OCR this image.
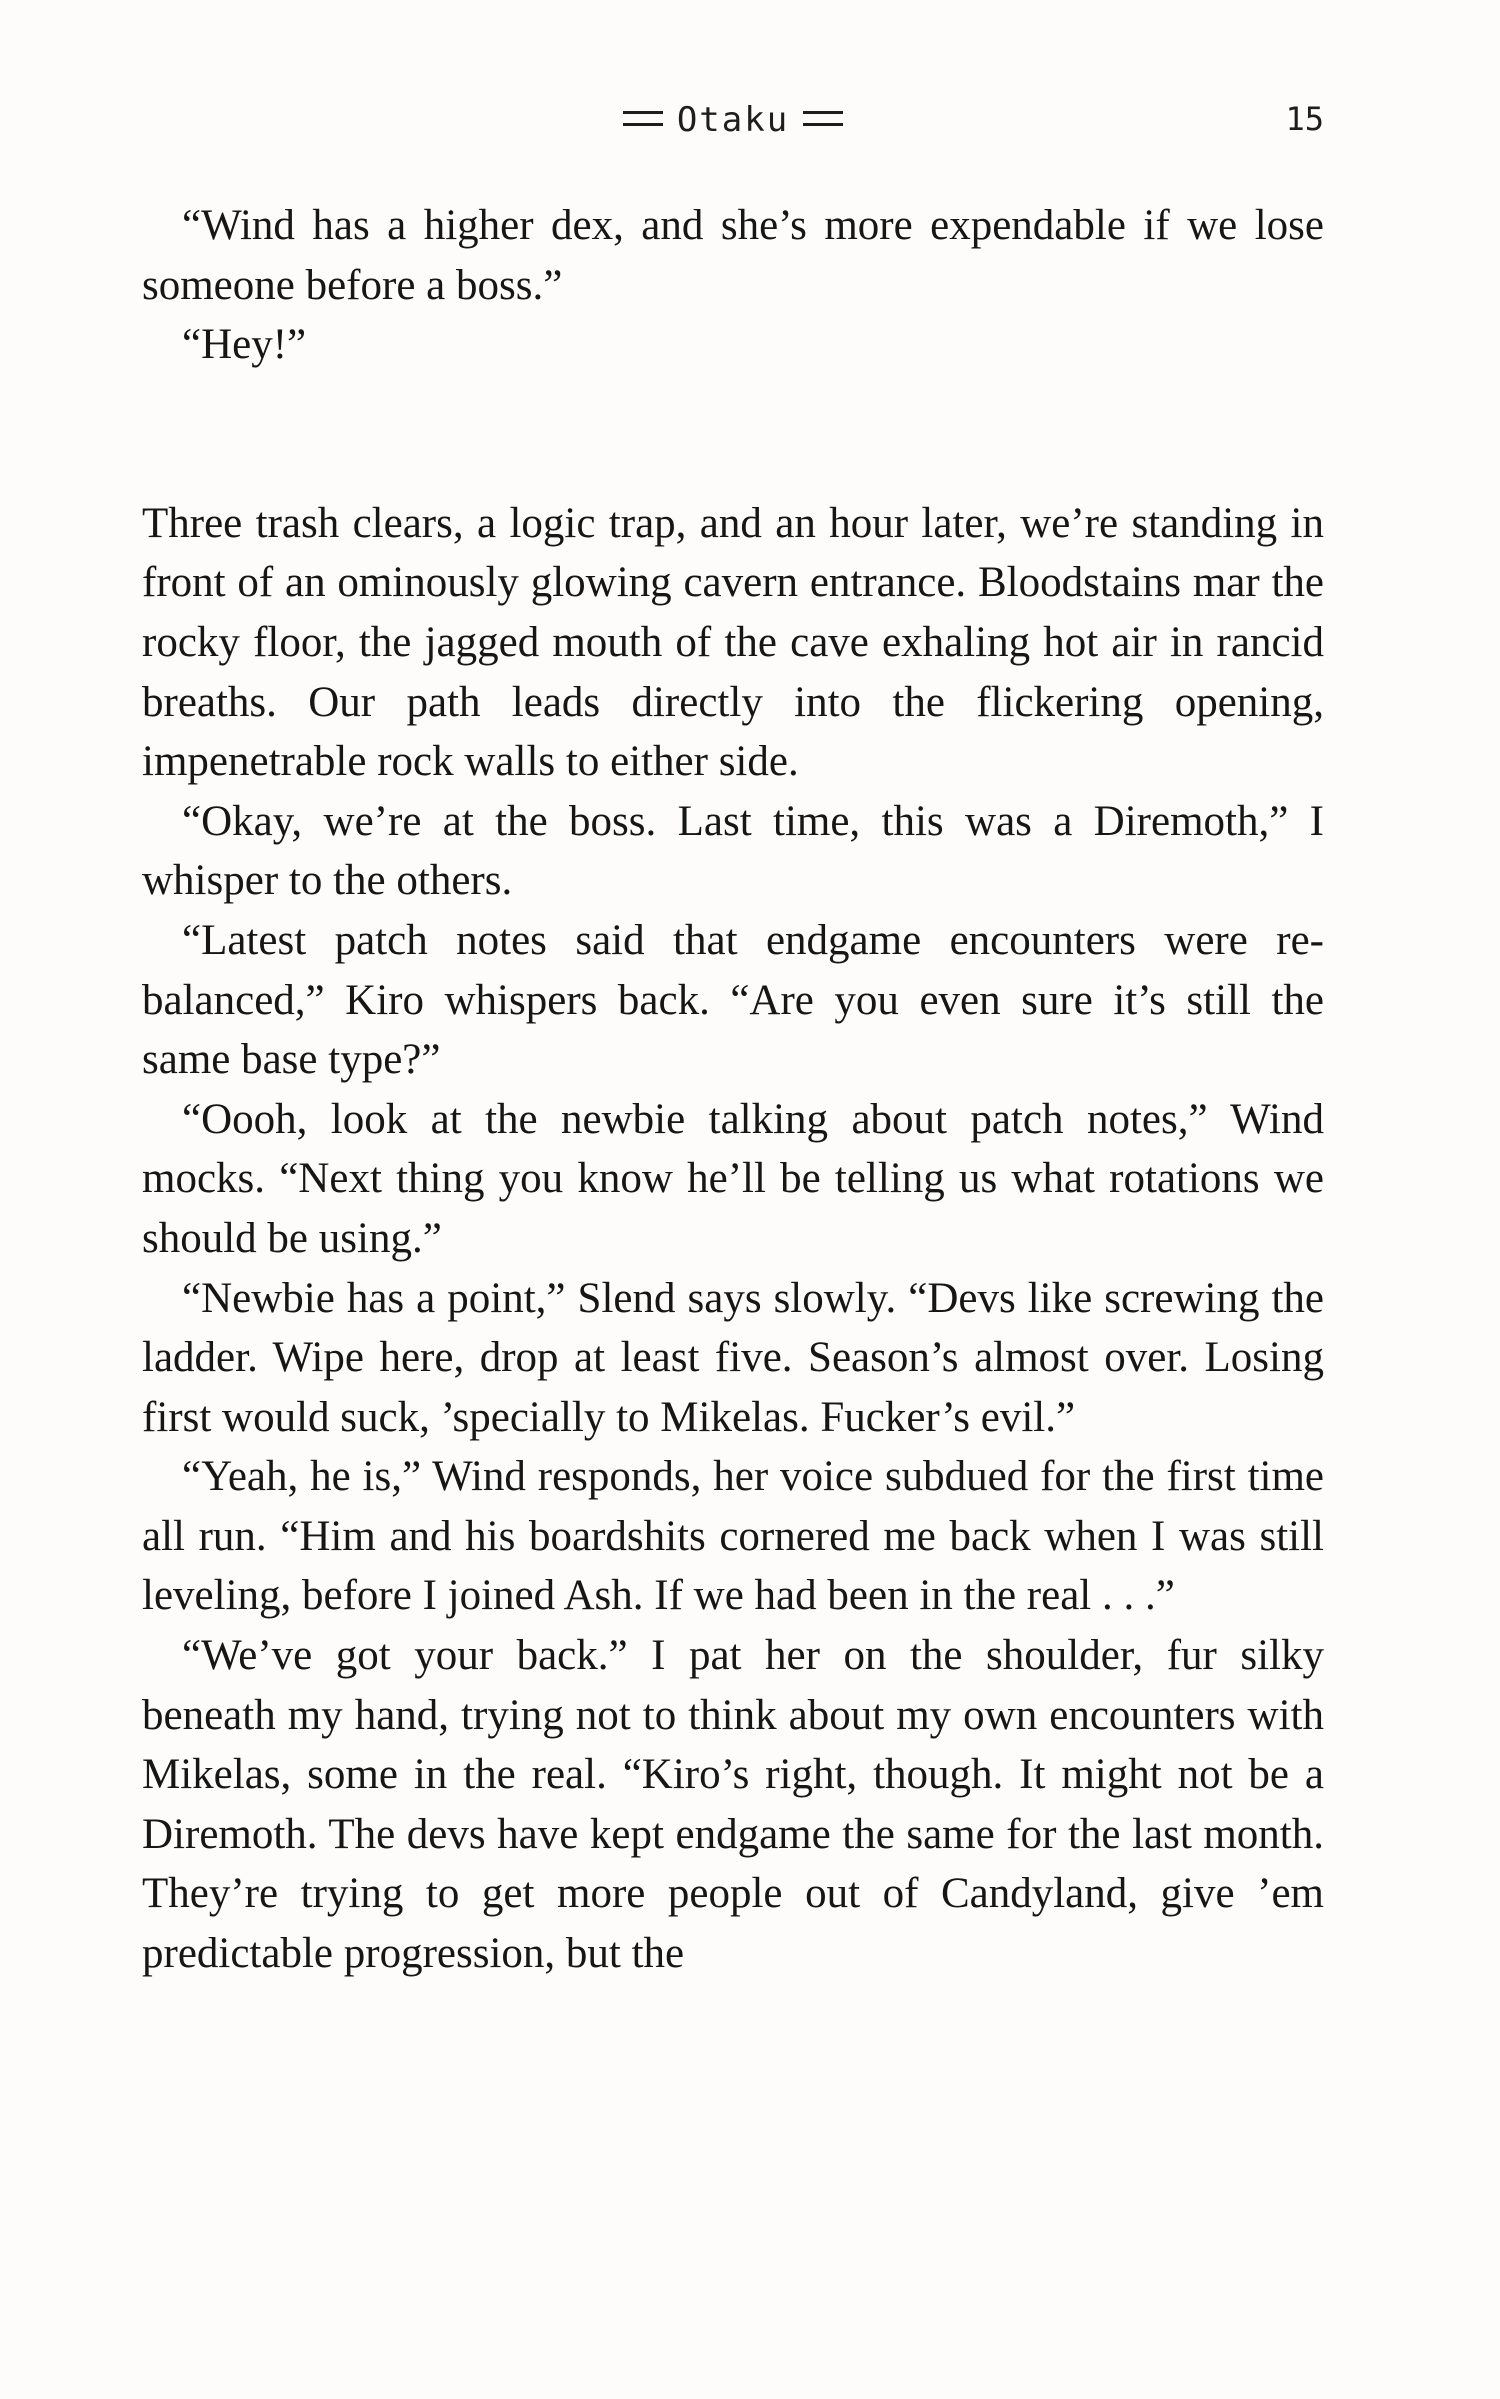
Otaku	15

“Wind has a higher dex, and she’s more expendable if we lose someone before a boss.”

“Hey!”

Three trash clears, a logic trap, and an hour later, we’re standing in front of an ominously glowing cavern entrance. Bloodstains mar the rocky floor, the jagged mouth of the cave exhaling hot air in rancid breaths. Our path leads directly into the flickering opening, impenetrable rock walls to either side.

“Okay, we’re at the boss. Last time, this was a Diremoth,” I whisper to the others.

“Latest patch notes said that endgame encounters were rebalanced,” Kiro whispers back. “Are you even sure it’s still the same base type?”

“Oooh, look at the newbie talking about patch notes,” Wind mocks. “Next thing you know he’ll be telling us what rotations we should be using.”

“Newbie has a point,” Slend says slowly. “Devs like screwing the ladder. Wipe here, drop at least five. Season’s almost over. Losing first would suck, ’specially to Mikelas. Fucker’s evil.”

“Yeah, he is,” Wind responds, her voice subdued for the first time all run. “Him and his boardshits cornered me back when I was still leveling, before I joined Ash. If we had been in the real . . .”

“We’ve got your back.” I pat her on the shoulder, fur silky beneath my hand, trying not to think about my own encounters with Mikelas, some in the real. “Kiro’s right, though. It might not be a Diremoth. The devs have kept endgame the same for the last month. They’re trying to get more people out of Candyland, give ’em predictable progression, but the
